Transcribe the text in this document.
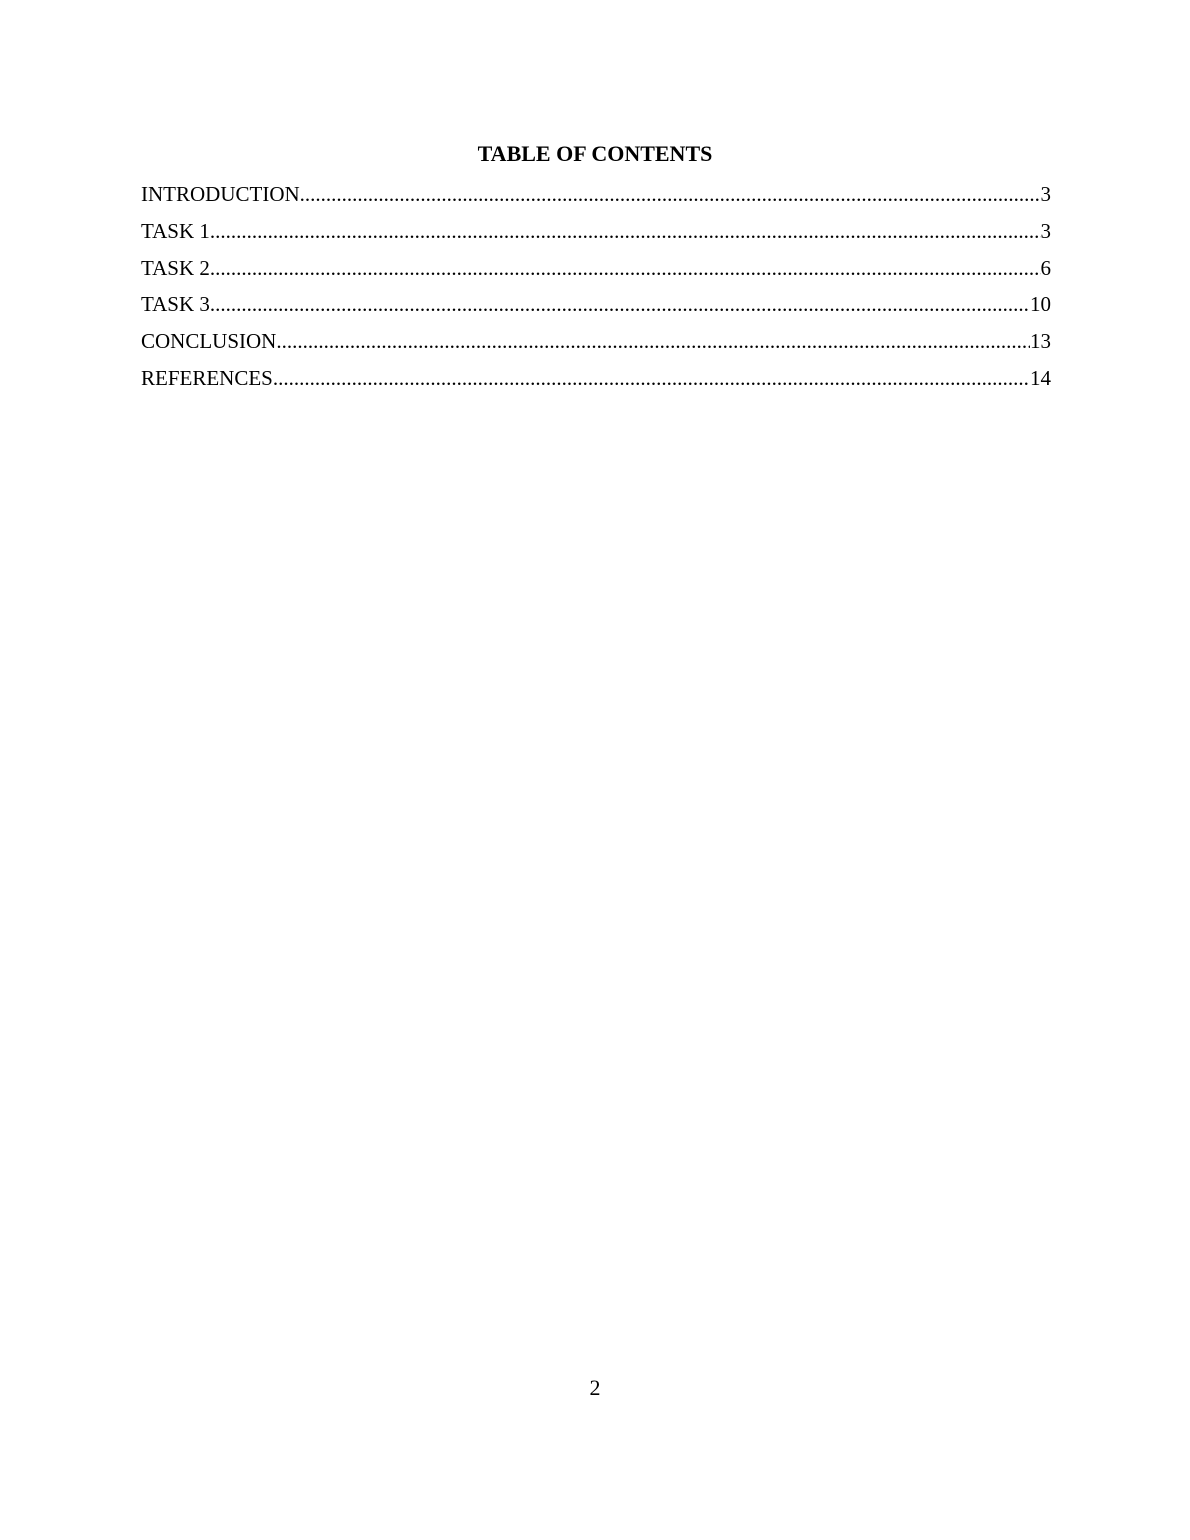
TABLE OF CONTENTS
INTRODUCTION .....	3
TASK 1 .....	3
TASK 2 .....	6
TASK 3 .....	10
CONCLUSION .....	13
REFERENCES .....	14
2
